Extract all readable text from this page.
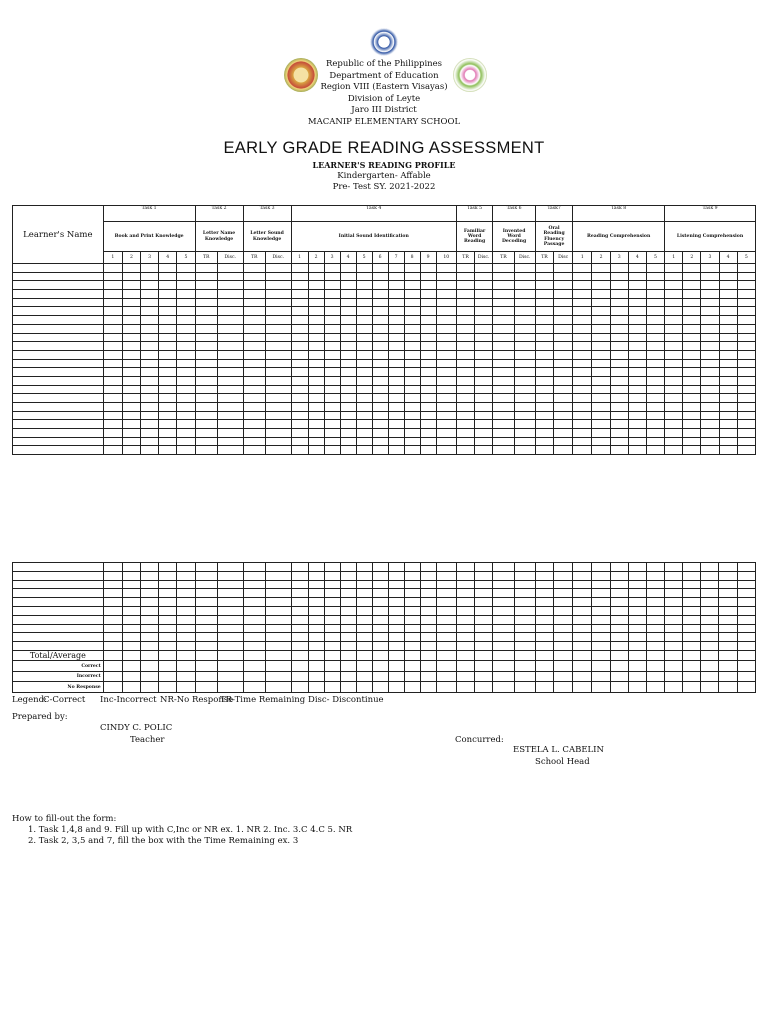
Republic of the Philippines
Department of Education
Region VIII (Eastern Visayas)
Division of Leyte
Jaro III District
MACANIP ELEMENTARY SCHOOL
EARLY GRADE READING ASSESSMENT
LEARNER'S READING PROFILE
Kindergarten- Affable
Pre- Test SY. 2021-2022
Learner's Name	Task 1					Task 2		Task 3		Task 4										Task 5		Task 6		Task7		Task 8					Task 9				
	Book and Print Knowledge					Letter Name Knowledge		Letter Sound Knowledge		Initial Sound Identification										Familiar Word Reading		Invented Word Decoding		Oral Reading Fluency Passage		Reading Comprehension					Listening Comprehension				
	1	2	3	4	5	TR	Disc.	TR	Disc.	1	2	3	4	5	6	7	8	9	10	TR	Disc.	TR	Disc.	TR	Disc	1	2	3	4	5	1	2	3	4	5

Total/Average																																			
Correct																																			
Incorrect																																			
No Response																																			
Legend:
C-Correct Inc-Incorrect NR-No Response
TR-Time Remaining Disc- Discontinue
Prepared by:
CINDY C. POLIC
Teacher	Concurred:
ESTELA L. CABELIN
School Head
How to fill-out the form:
1. Task 1,4,8 and 9. Fill up with C,Inc or NR ex. 1. NR 2. Inc. 3.C 4.C 5. NR
2. Task 2, 3,5 and 7, fill the box with the Time Remaining ex. 3
